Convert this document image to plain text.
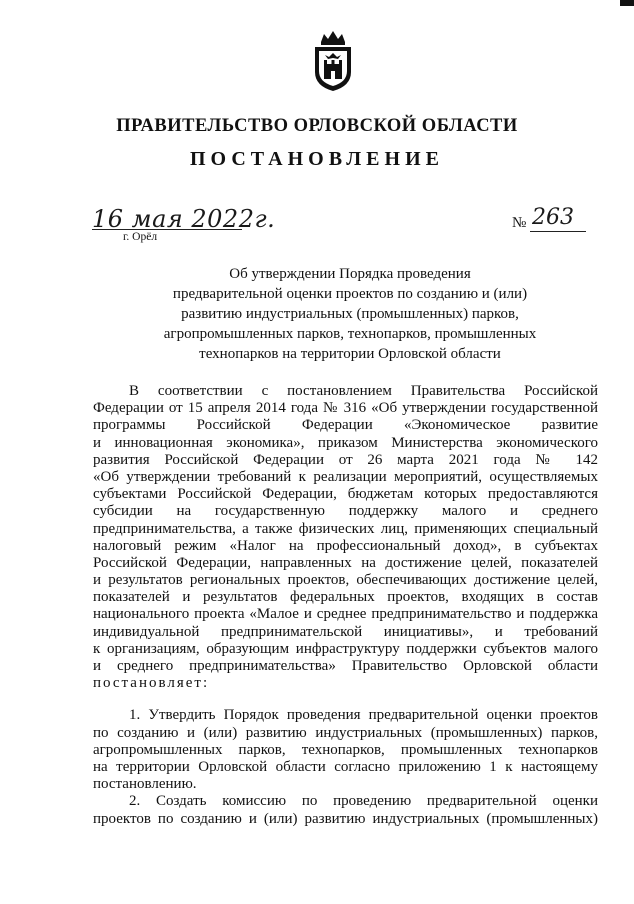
ПРАВИТЕЛЬСТВО ОРЛОВСКОЙ ОБЛАСТИ
ПОСТАНОВЛЕНИЕ
16 мая 2022г.
г. Орёл
№ 263
Об утверждении Порядка проведения
предварительной оценки проектов по созданию и (или)
развитию индустриальных (промышленных) парков,
агропромышленных парков, технопарков, промышленных
технопарков на территории Орловской области
В соответствии с постановлением Правительства Российской
Федерации от 15 апреля 2014 года № 316 «Об утверждении государственной
программы Российской Федерации «Экономическое развитие
и инновационная экономика», приказом Министерства экономического
развития Российской Федерации от 26 марта 2021 года № 142
«Об утверждении требований к реализации мероприятий, осуществляемых
субъектами Российской Федерации, бюджетам которых предоставляются
субсидии на государственную поддержку малого и среднего
предпринимательства, а также физических лиц, применяющих специальный
налоговый режим «Налог на профессиональный доход», в субъектах
Российской Федерации, направленных на достижение целей, показателей
и результатов региональных проектов, обеспечивающих достижение целей,
показателей и результатов федеральных проектов, входящих в состав
национального проекта «Малое и среднее предпринимательство и поддержка
индивидуальной предпринимательской инициативы», и требований
к организациям, образующим инфраструктуру поддержки субъектов малого
и среднего предпринимательства» Правительство Орловской области
постановляет:
1. Утвердить Порядок проведения предварительной оценки проектов
по созданию и (или) развитию индустриальных (промышленных) парков,
агропромышленных парков, технопарков, промышленных технопарков
на территории Орловской области согласно приложению 1 к настоящему
постановлению.
2. Создать комиссию по проведению предварительной оценки
проектов по созданию и (или) развитию индустриальных (промышленных)
